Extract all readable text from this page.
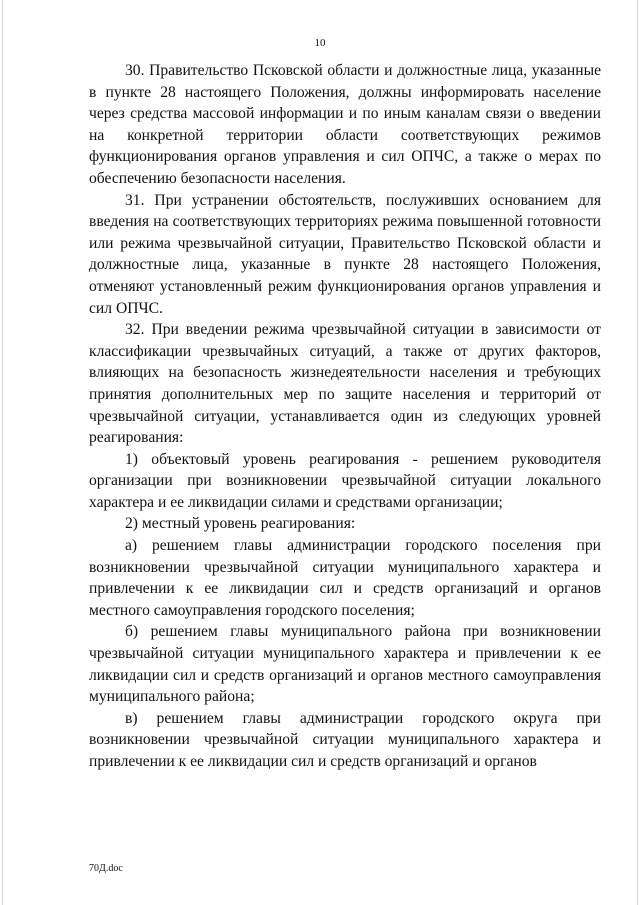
10

30. Правительство Псковской области и должностные лица, указанные в пункте 28 настоящего Положения, должны информировать население через средства массовой информации и по иным каналам связи о введении на конкретной территории области соответствующих режимов функционирования органов управления и сил ОПЧС, а также о мерах по обеспечению безопасности населения.

31. При устранении обстоятельств, послуживших основанием для введения на соответствующих территориях режима повышенной готовности или режима чрезвычайной ситуации, Правительство Псковской области и должностные лица, указанные в пункте 28 настоящего Положения, отменяют установленный режим функционирования органов управления и сил ОПЧС.

32. При введении режима чрезвычайной ситуации в зависимости от классификации чрезвычайных ситуаций, а также от других факторов, влияющих на безопасность жизнедеятельности населения и требующих принятия дополнительных мер по защите населения и территорий от чрезвычайной ситуации, устанавливается один из следующих уровней реагирования:

1) объектовый уровень реагирования - решением руководителя организации при возникновении чрезвычайной ситуации локального характера и ее ликвидации силами и средствами организации;

2) местный уровень реагирования:

а) решением главы администрации городского поселения при возникновении чрезвычайной ситуации муниципального характера и привлечении к ее ликвидации сил и средств организаций и органов местного самоуправления городского поселения;

б) решением главы муниципального района при возникновении чрезвычайной ситуации муниципального характера и привлечении к ее ликвидации сил и средств организаций и органов местного самоуправления муниципального района;

в) решением главы администрации городского округа при возникновении чрезвычайной ситуации муниципального характера и привлечении к ее ликвидации сил и средств организаций и органов

70Д.doc
